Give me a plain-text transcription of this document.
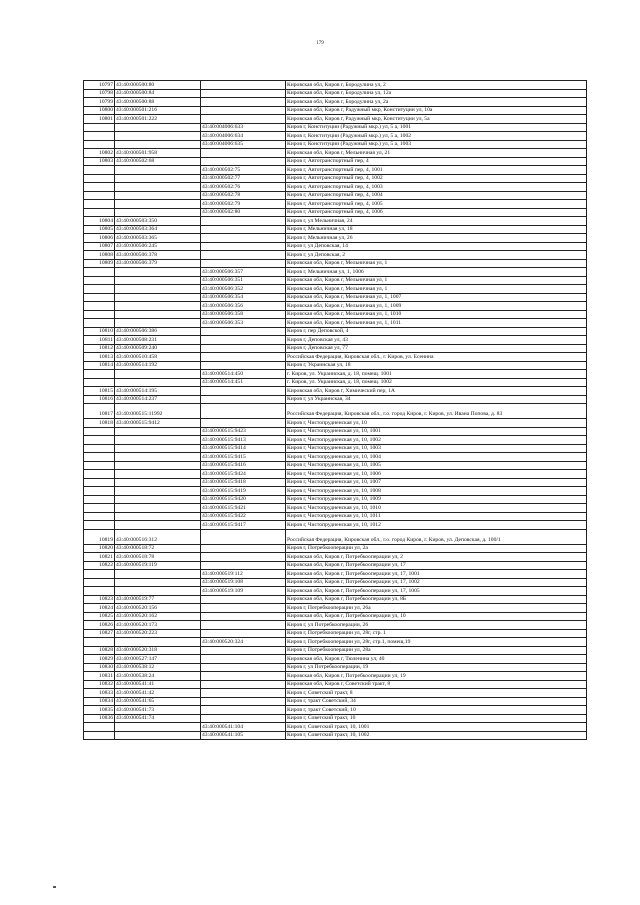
179
10797	43:40:000500:80		Кировская обл, Киров г, Бородулина ул, 2
10798	43:40:000500:84		Кировская обл, Киров г, Бородулина ул, 12а
10799	43:40:000500:88		Кировская обл, Киров г, Бородулина ул, 2а
10800	43:40:000501:216		Кировская обл, Киров г, Радужный мкр, Конституции ул, 10а
10801	43:40:000501:222		Кировская обл, Киров г, Радужный мкр, Конституции ул, 5а
		43:40:004006:633	Киров г, Конституции (Радужный мкр.) ул, 5 а, 1001
		43:40:004006:634	Киров г, Конституции (Радужный мкр.) ул, 5 а, 1002
		43:40:004006:635	Киров г, Конституции (Радужный мкр.) ул, 5 а, 1003
10802	43:40:000501:958		Кировская обл, Киров г, Мельничная ул, 21
10803	43:40:000502:68		Киров г, Автотранспортный пер, 4
		43:40:000502:75	Киров г, Автотранспортный пер, 4, 1001
		43:40:000502:77	Киров г, Автотранспортный пер, 4, 1002
		43:40:000502:76	Киров г, Автотранспортный пер, 4, 1003
		43:40:000502:78	Киров г, Автотранспортный пер, 4, 1004
		43:40:000502:79	Киров г, Автотранспортный пер, 4, 1005
		43:40:000502:80	Киров г, Автотранспортный пер, 4, 1006
10804	43:40:000503:350		Киров г, ул Мельничная, 24
10805	43:40:000503:364		Киров г, Мельничная ул, 18
10806	43:40:000503:365		Киров г, Мельничная ул, 26
10807	43:40:000506:245		Киров г, ул Деповская, 14
10808	43:40:000506:378		Киров г, ул Деповская, 2
10809	43:40:000506:379		Кировская обл, Киров г, Мельничная ул, 1
		43:40:000506:357	Киров г, Мельничная ул, 1, 1006
		43:40:000506:351	Кировская обл, Киров г, Мельничная ул, 1
		43:40:000506:352	Кировская обл, Киров г, Мельничная ул, 1
		43:40:000506:354	Кировская обл, Киров г, Мельничная ул, 1, 1007
		43:40:000506:356	Кировская обл, Киров г, Мельничная ул, 1, 1009
		43:40:000506:358	Кировская обл, Киров г, Мельничная ул, 1, 1010
		43:40:000506:353	Кировская обл, Киров г, Мельничная ул, 1, 1011
10810	43:40:000506:386		Киров г, пер Деповской, 4
10811	43:40:000508:231		Киров г, Деповская ул, 43
10812	43:40:000509:240		Киров г, Деповская ул, 77
10813	43:40:000510:458		Российская Федерация, Кировская обл., г. Киров, ул. Есенина
10814	43:40:000514:192		Киров г, Украинская ул, 18
		43:40:000514:450	г. Киров, ул. Украинская, д. 18, помещ. 1001
		43:40:000514:451	г. Киров, ул. Украинская, д. 18, помещ. 1002
10815	43:40:000514:195		Кировская обл, Киров г, Химический пер, 1А
10816	43:40:000514:237		Киров г, ул Украинская, 34
10817	43:40:000515:11992		Российская Федерация, Кировская обл., г.о. город Киров, г. Киров, ул. Ивана Попова, д. 83
10818	43:40:000515:9412		Киров г, Чистопрудненская ул, 10
		43:40:000515:9423	Киров г, Чистопрудненская ул, 10, 1001
		43:40:000515:9413	Киров г, Чистопрудненская ул, 10, 1002
		43:40:000515:9414	Киров г, Чистопрудненская ул, 10, 1003
		43:40:000515:9415	Киров г, Чистопрудненская ул, 10, 1004
		43:40:000515:9416	Киров г, Чистопрудненская ул, 10, 1005
		43:40:000515:9424	Киров г, Чистопрудненская ул, 10, 1006
		43:40:000515:9418	Киров г, Чистопрудненская ул, 10, 1007
		43:40:000515:9419	Киров г, Чистопрудненская ул, 10, 1008
		43:40:000515:9420	Киров г, Чистопрудненская ул, 10, 1009
		43:40:000515:9421	Киров г, Чистопрудненская ул, 10, 1010
		43:40:000515:9422	Киров г, Чистопрудненская ул, 10, 1011
		43:40:000515:9417	Киров г, Чистопрудненская ул, 10, 1012
10819	43:40:000516:312		Российская Федерация, Кировская обл., г.о. город Киров, г. Киров, ул. Деповская, д. 100/1
10820	43:40:000518:72		Киров г, Потребкооперации ул, 2а
10821	43:40:000518:78		Кировская обл, Киров г, Потребкооперации ул, 2
10822	43:40:000519:119		Кировская обл, Киров г, Потребкооперации ул, 17
		43:40:000519:112	Кировская обл, Киров г, Потребкооперации ул, 17, 1001
		43:40:000519:108	Кировская обл, Киров г, Потребкооперации ул, 17, 1002
		43:40:000519:109	Кировская обл, Киров г, Потребкооперации ул, 17, 1005
10823	43:40:000519:77		Кировская обл, Киров г, Потребкооперации ул, 8Б
10824	43:40:000520:156		Киров г, Потребкооперации ул, 26а
10825	43:40:000520:162		Кировская обл, Киров г, Потребкооперации ул, 10
10826	43:40:000520:173		Киров г, ул Потребкооперации, 26
10827	43:40:000520:223		Киров г, Потребкооперации ул, 28г, стр. 1
		43:40:000520:324	Киров г, Потребкооперации ул, 28г, стр.1, помещ.19
10828	43:40:000520:318		Киров г, Потребкооперации ул, 28а
10829	43:40:000527:147		Кировская обл, Киров г, Тюленина ул, 40
10830	43:40:000538:12		Киров г, ул Потребкооперации, 19
10831	43:40:000538:24		Кировская обл, Киров г, Потребкооперации ул, 19
10832	43:40:000541:41		Кировская обл, Киров г, Советский тракт, 8
10833	43:40:000541:42		Киров г, Советский тракт, 8
10834	43:40:000541:65		Киров г, тракт Советский, 34
10835	43:40:000541:73		Киров г, тракт Советский, 10
10836	43:40:000541:74		Киров г, Советский тракт, 10
		43:40:000541:104	Киров г, Советский тракт, 10, 1001
		43:40:000541:105	Киров г, Советский тракт, 10, 1002
